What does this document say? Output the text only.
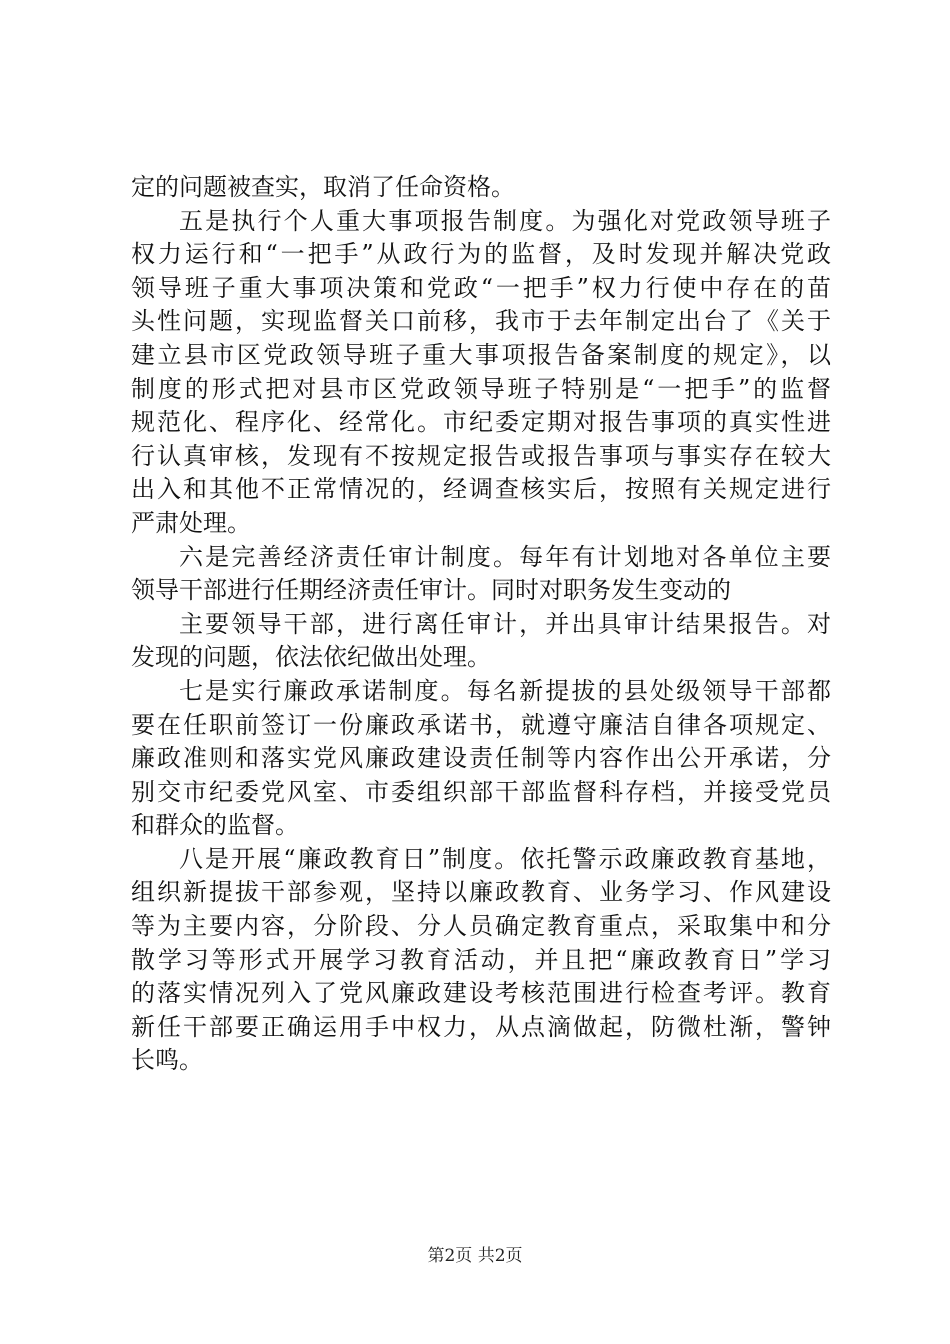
定的问题被查实，取消了任命资格。
五是执行个人重大事项报告制度。为强化对党政领导班子
权力运行和“一把手”从政行为的监督，及时发现并解决党政
领导班子重大事项决策和党政“一把手”权力行使中存在的苗
头性问题，实现监督关口前移，我市于去年制定出台了《关于
建立县市区党政领导班子重大事项报告备案制度的规定》，以
制度的形式把对县市区党政领导班子特别是“一把手”的监督
规范化、程序化、经常化。市纪委定期对报告事项的真实性进
行认真审核，发现有不按规定报告或报告事项与事实存在较大
出入和其他不正常情况的，经调查核实后，按照有关规定进行
严肃处理。
六是完善经济责任审计制度。每年有计划地对各单位主要
领导干部进行任期经济责任审计。同时对职务发生变动的
主要领导干部，进行离任审计，并出具审计结果报告。对
发现的问题，依法依纪做出处理。
七是实行廉政承诺制度。每名新提拔的县处级领导干部都
要在任职前签订一份廉政承诺书，就遵守廉洁自律各项规定、
廉政准则和落实党风廉政建设责任制等内容作出公开承诺，分
别交市纪委党风室、市委组织部干部监督科存档，并接受党员
和群众的监督。
八是开展“廉政教育日”制度。依托警示政廉政教育基地，
组织新提拔干部参观，坚持以廉政教育、业务学习、作风建设
等为主要内容，分阶段、分人员确定教育重点，采取集中和分
散学习等形式开展学习教育活动，并且把“廉政教育日”学习
的落实情况列入了党风廉政建设考核范围进行检查考评。教育
新任干部要正确运用手中权力，从点滴做起，防微杜渐，警钟
长鸣。
第2页 共2页
